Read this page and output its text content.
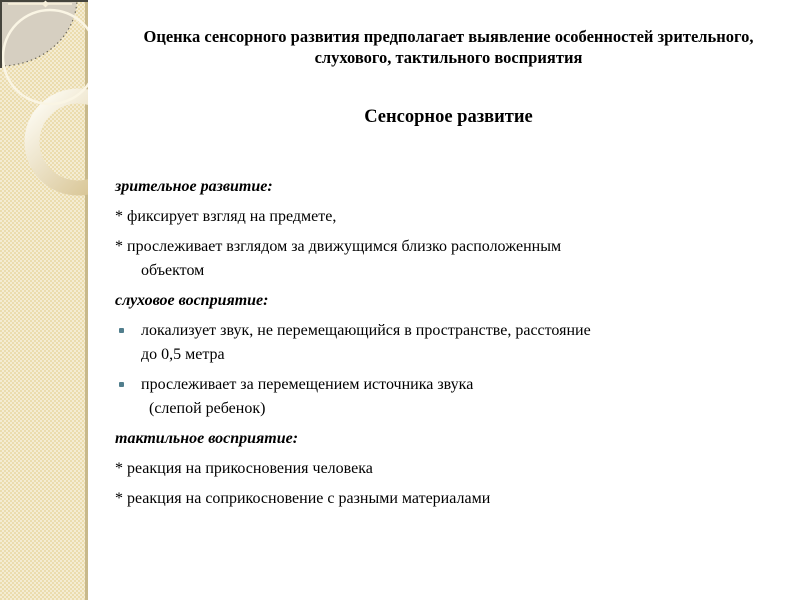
Оценка сенсорного развития предполагает выявление особенностей зрительного,
слухового, тактильного восприятия
Сенсорное развитие

зрительное развитие:

* фиксирует взгляд на предмете,

* прослеживает взглядом за движущимся близко расположенным
объектом

слуховое восприятие:

локализует звук, не перемещающийся в пространстве, расстояние
до 0,5 метра
прослеживает за перемещением источника звука
(слепой ребенок)

тактильное восприятие:

* реакция на прикосновения человека

* реакция на соприкосновение с разными материалами
